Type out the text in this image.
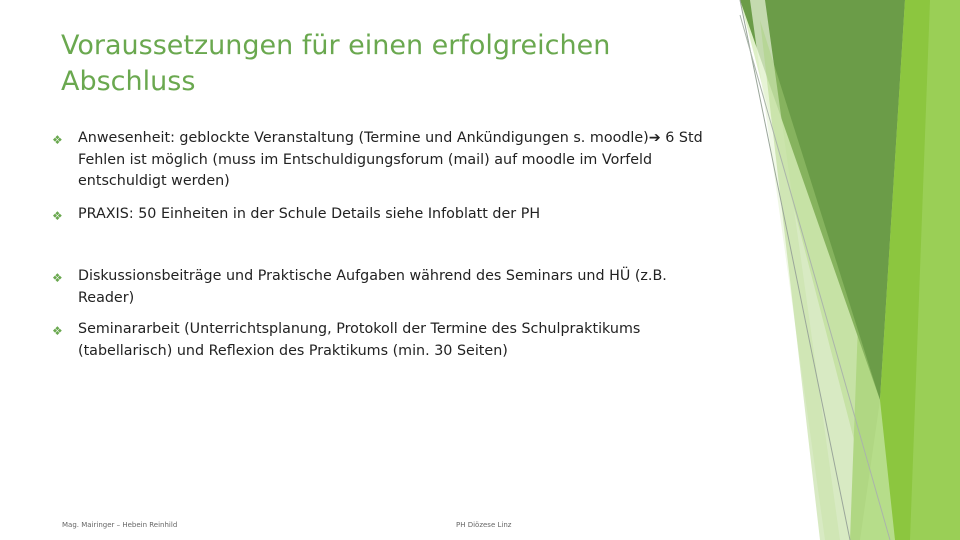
Voraussetzungen für einen erfolgreichen
Abschluss
❖	Anwesenheit: geblockte Veranstaltung (Termine und Ankündigungen s. moodle)➔ 6 Std Fehlen ist möglich (muss im Entschuldigungsforum (mail) auf moodle im Vorfeld entschuldigt werden)
❖	PRAXIS: 50 Einheiten in der Schule Details siehe Infoblatt der PH
❖	Diskussionsbeiträge und Praktische Aufgaben während des Seminars und HÜ (z.B. Reader)
❖	Seminararbeit (Unterrichtsplanung, Protokoll der Termine des Schulpraktikums (tabellarisch) und Reflexion des Praktikums (min. 30 Seiten)
Mag. Mairinger – Hebein Reinhild	PH Diözese Linz
